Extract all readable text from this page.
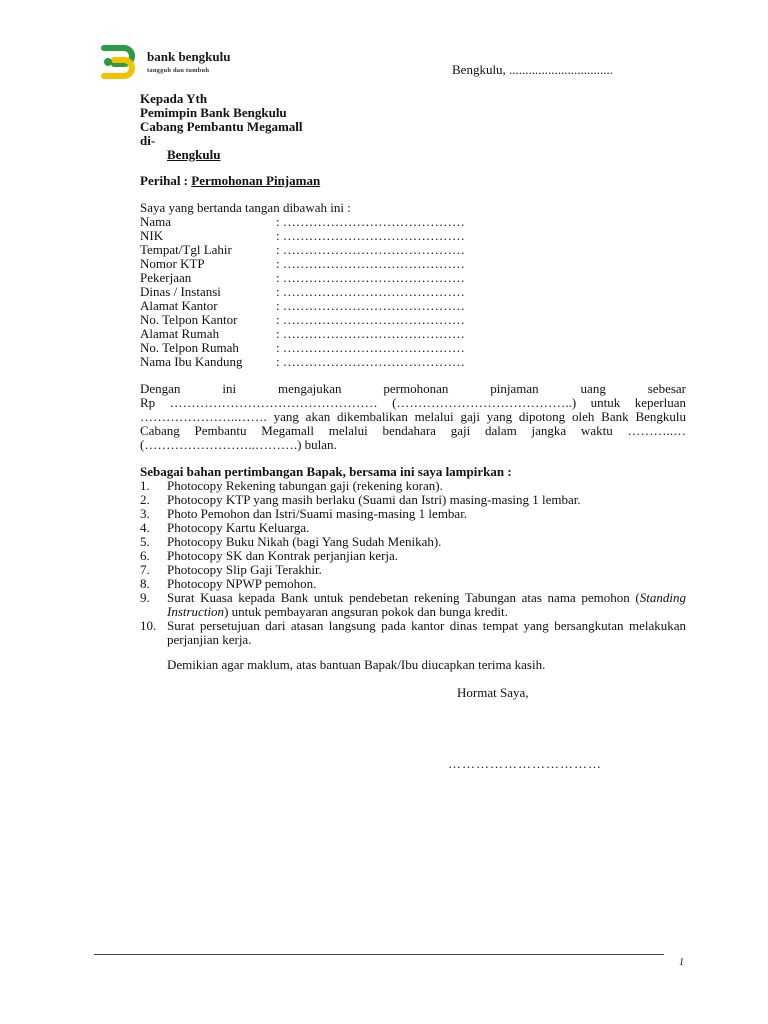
bank bengkulu
tangguh dan tumbuh	Bengkulu, ................................
Kepada Yth
Pemimpin Bank Bengkulu
Cabang Pembantu Megamall
di-
Bengkulu
Perihal : Permohonan Pinjaman
Saya yang bertanda tangan dibawah ini :
Nama	: ……………………………………
NIK	: ……………………………………
Tempat/Tgl Lahir	: ……………………………………
Nomor KTP	: ……………………………………
Pekerjaan	: ……………………………………
Dinas / Instansi	: ……………………………………
Alamat Kantor	: ……………………………………
No. Telpon Kantor	: ……………………………………
Alamat Rumah	: ……………………………………
No. Telpon Rumah	: ……………………………………
Nama Ibu Kandung	: ……………………………………
Dengan ini mengajukan permohonan pinjaman uang sebesar
Rp ………………………………………… (…………………………………..) untuk keperluan
…………………..……. yang akan dikembalikan melalui gaji yang dipotong oleh Bank Bengkulu
Cabang Pembantu Megamall melalui bendahara gaji dalam jangka waktu ………..…
(……………………..……….) bulan.
Sebagai bahan pertimbangan Bapak, bersama ini saya lampirkan :
1.	Photocopy Rekening tabungan gaji (rekening koran).
2.	Photocopy KTP yang masih berlaku (Suami dan Istri) masing-masing 1 lembar.
3.	Photo Pemohon dan Istri/Suami masing-masing 1 lembar.
4.	Photocopy Kartu Keluarga.
5.	Photocopy Buku Nikah (bagi Yang Sudah Menikah).
6.	Photocopy SK dan Kontrak perjanjian kerja.
7.	Photocopy Slip Gaji Terakhir.
8.	Photocopy NPWP pemohon.
9.	Surat Kuasa kepada Bank untuk pendebetan rekening Tabungan atas nama pemohon (Standing Instruction) untuk pembayaran angsuran pokok dan bunga kredit.
10. Surat persetujuan dari atasan langsung pada kantor dinas tempat yang bersangkutan melakukan perjanjian kerja.
Demikian agar maklum, atas bantuan Bapak/Ibu diucapkan terima kasih.
Hormat Saya,
……………………………
1
